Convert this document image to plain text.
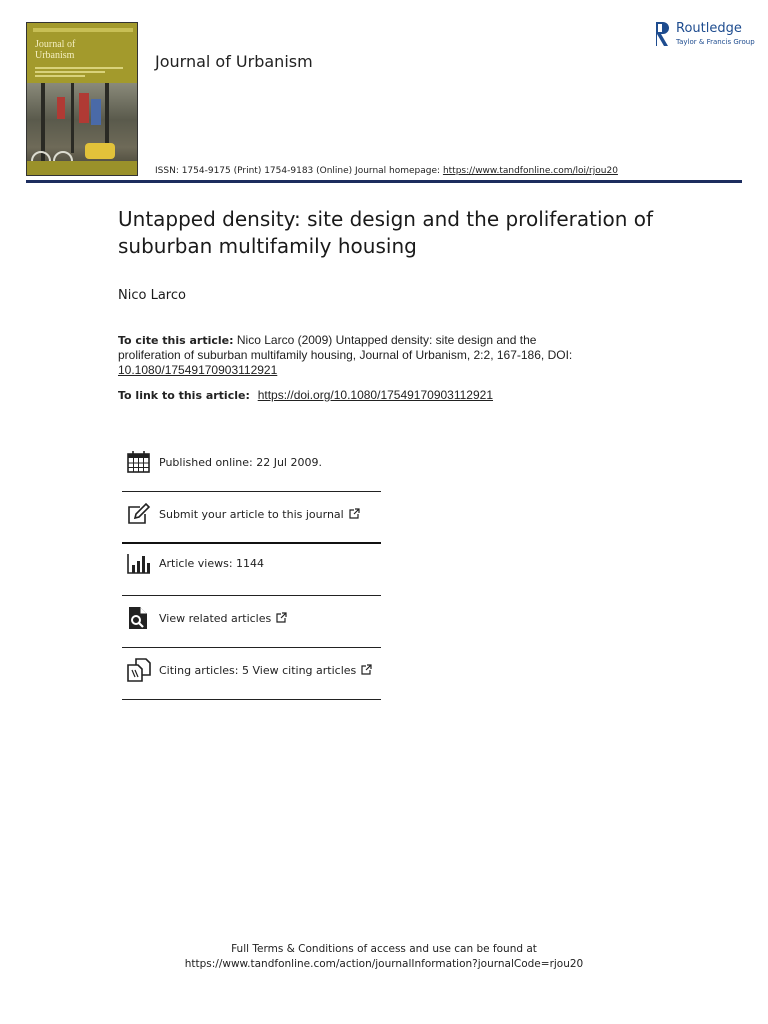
Journal of
Urbanism	Journal of Urbanism
Routledge
Taylor & Francis Group
ISSN: 1754-9175 (Print) 1754-9183 (Online) Journal homepage: https://www.tandfonline.com/loi/rjou20
Untapped density: site design and the proliferation of suburban multifamily housing
Nico Larco
To cite this article: Nico Larco (2009) Untapped density: site design and the proliferation of suburban multifamily housing, Journal of Urbanism, 2:2, 167-186, DOI: 10.1080/17549170903112921
To link to this article: https://doi.org/10.1080/17549170903112921
Published online: 22 Jul 2009.
Submit your article to this journal
Article views: 1144
View related articles
Citing articles: 5 View citing articles
Full Terms & Conditions of access and use can be found at
https://www.tandfonline.com/action/journalInformation?journalCode=rjou20
